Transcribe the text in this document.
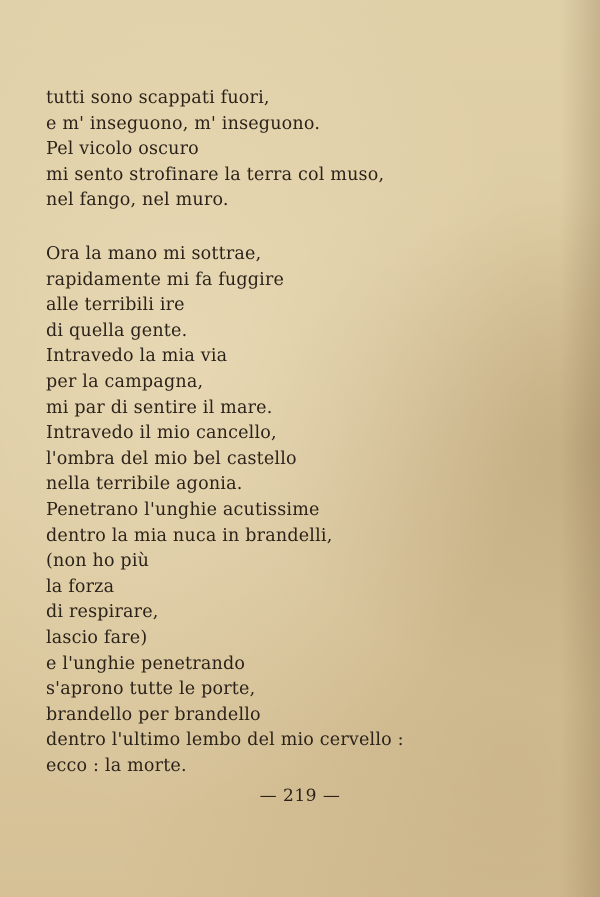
tutti sono scappati fuori,
e m' inseguono, m' inseguono.
Pel vicolo oscuro
mi sento strofinare la terra col muso,
nel fango, nel muro.
Ora la mano mi sottrae,
rapidamente mi fa fuggire
alle terribili ire
di quella gente.
Intravedo la mia via
per la campagna,
mi par di sentire il mare.
Intravedo il mio cancello,
l'ombra del mio bel castello
nella terribile agonia.
Penetrano l'unghie acutissime
dentro la mia nuca in brandelli,
(non ho più
la forza
di respirare,
lascio fare)
e l'unghie penetrando
s'aprono tutte le porte,
brandello per brandello
dentro l'ultimo lembo del mio cervello :
ecco : la morte.
— 219 —
